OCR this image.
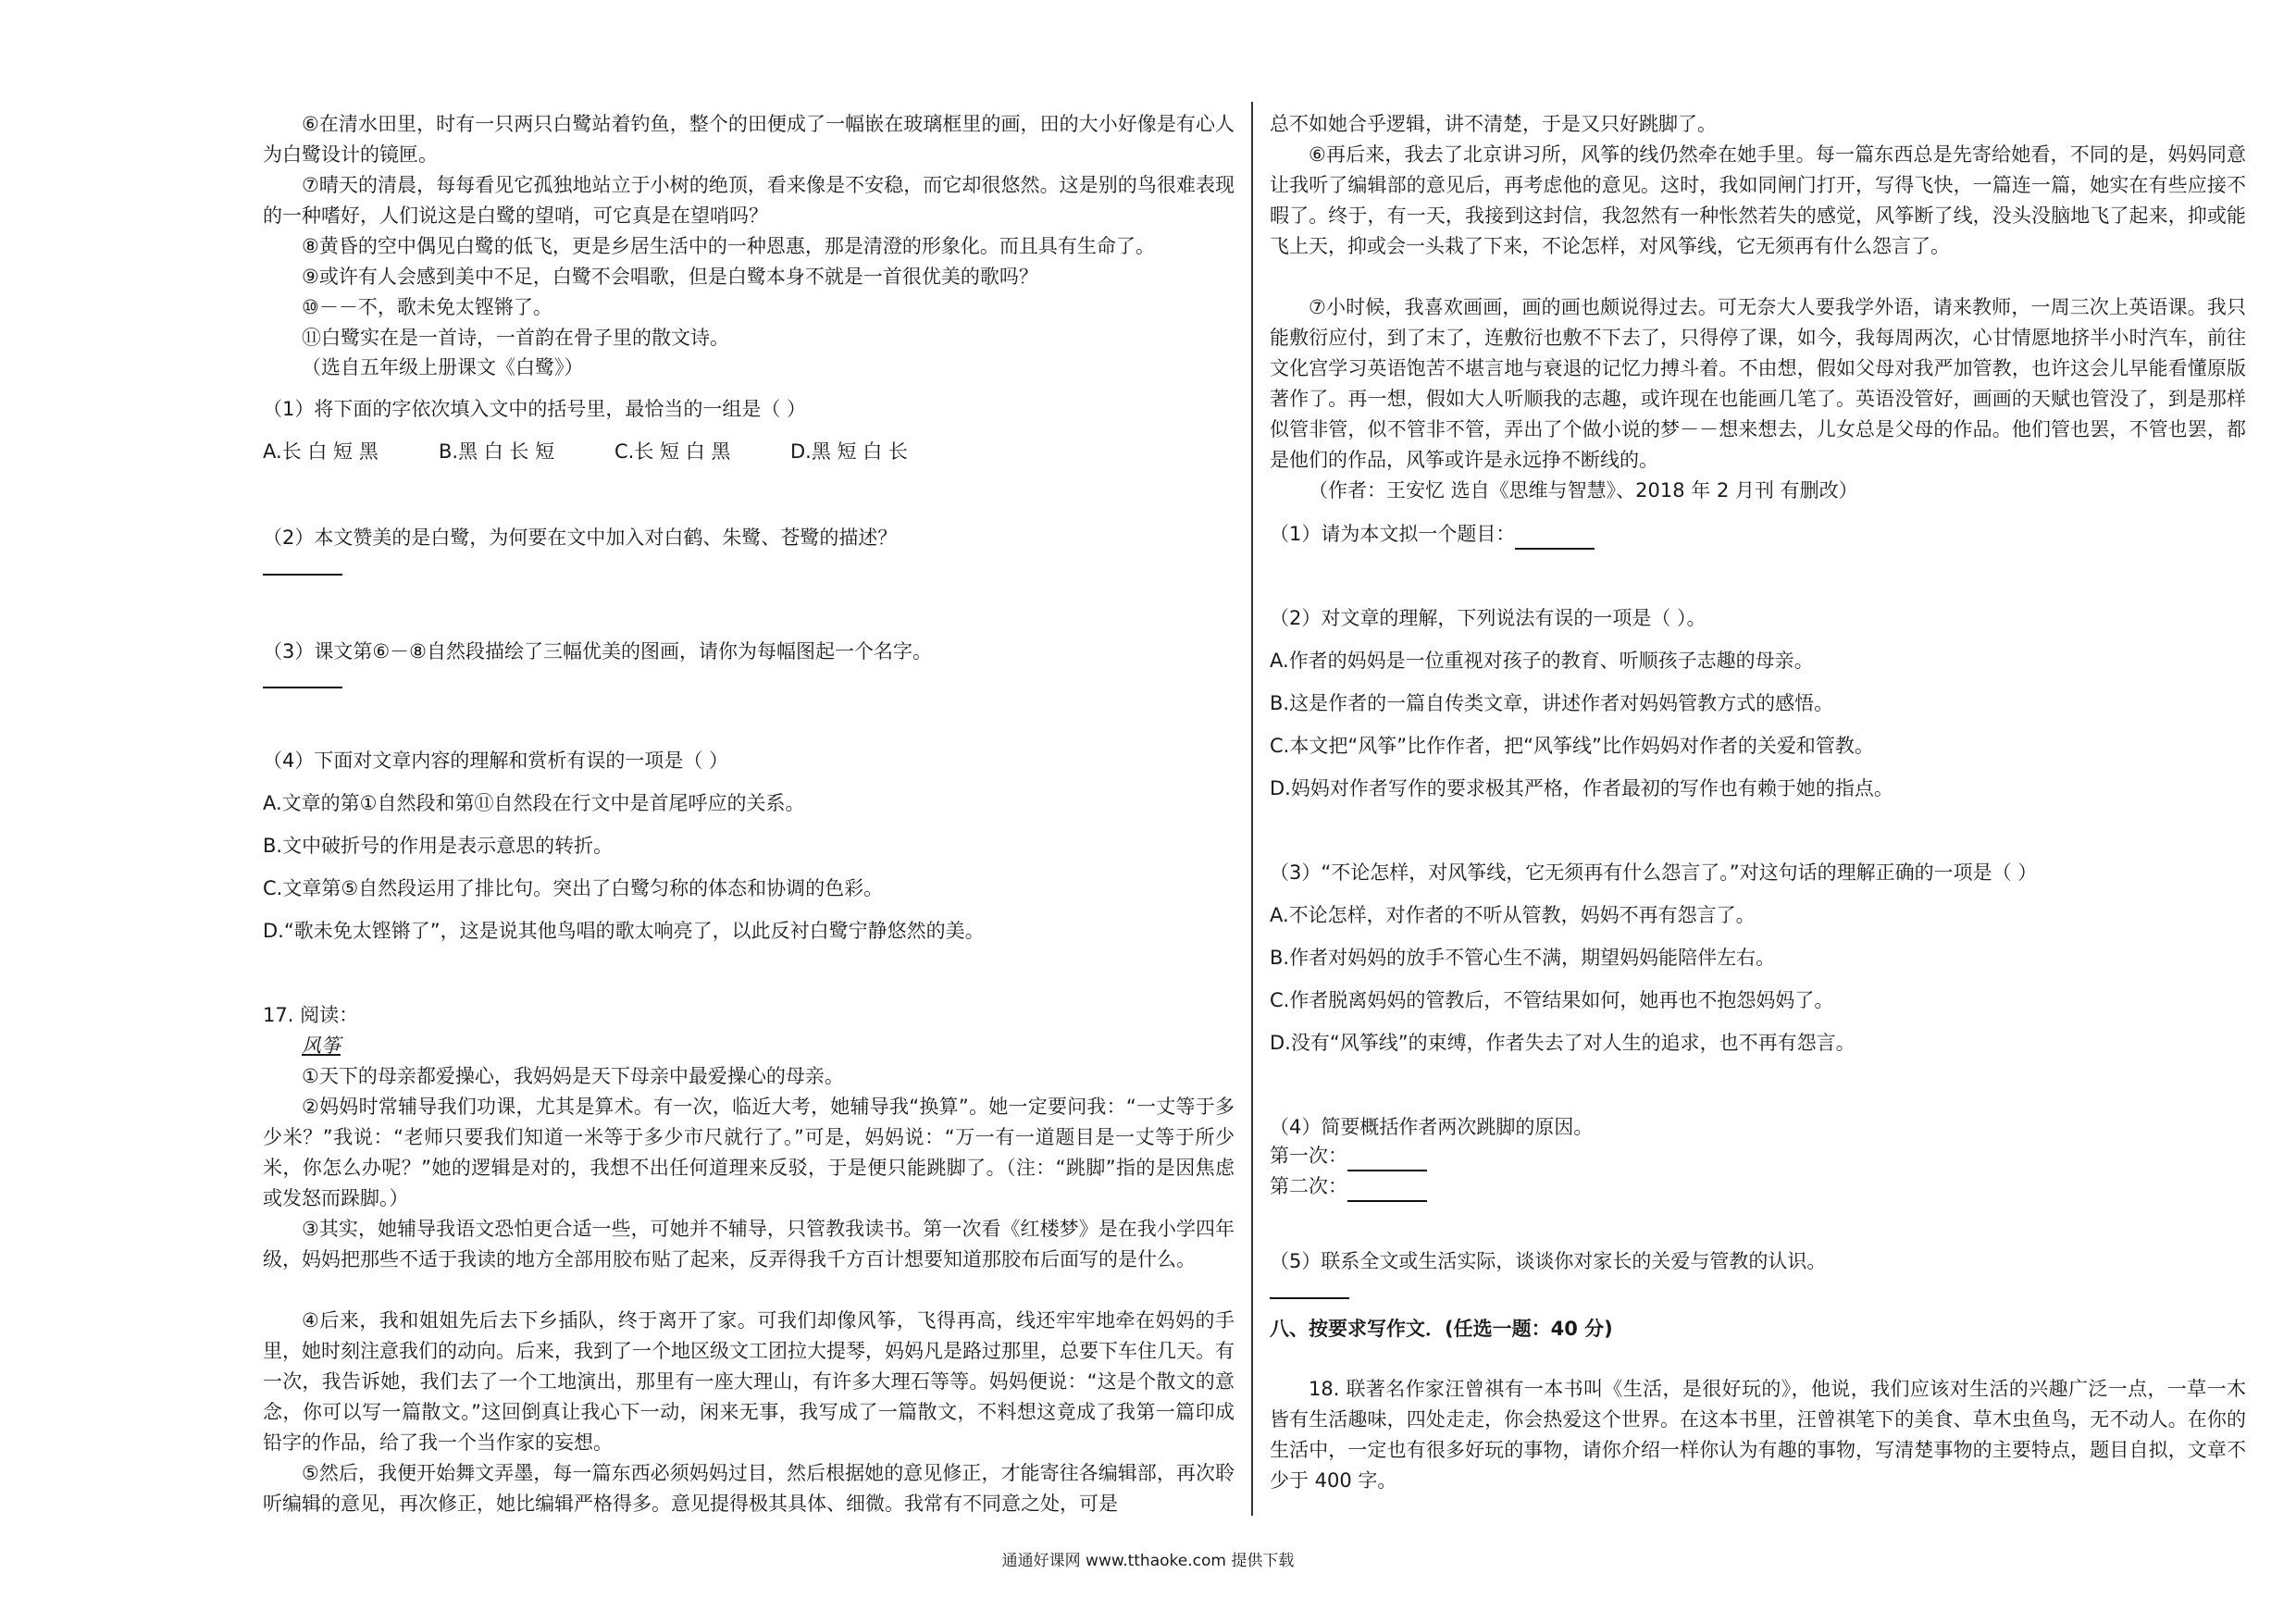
⑥在清水田里，时有一只两只白鹭站着钓鱼，整个的田便成了一幅嵌在玻璃框里的画，田的大小好像是有心人为白鹭设计的镜匣。

⑦晴天的清晨，每每看见它孤独地站立于小树的绝顶，看来像是不安稳，而它却很悠然。这是别的鸟很难表现的一种嗜好，人们说这是白鹭的望哨，可它真是在望哨吗？

⑧黄昏的空中偶见白鹭的低飞，更是乡居生活中的一种恩惠，那是清澄的形象化。而且具有生命了。

⑨或许有人会感到美中不足，白鹭不会唱歌，但是白鹭本身不就是一首很优美的歌吗？

⑩－－不，歌未免太铿锵了。

⑪白鹭实在是一首诗，一首韵在骨子里的散文诗。

（选自五年级上册课文《白鹭》）
（1）将下面的字依次填入文中的括号里，最恰当的一组是（ ）
A.长 白 短 黑	B.黑 白 长 短	C.长 短 白 黑	D.黑 短 白 长
（2）本文赞美的是白鹭，为何要在文中加入对白鹤、朱鹭、苍鹭的描述？
（3）课文第⑥－⑧自然段描绘了三幅优美的图画，请你为每幅图起一个名字。
（4）下面对文章内容的理解和赏析有误的一项是（ ）
A.文章的第①自然段和第⑪自然段在行文中是首尾呼应的关系。
B.文中破折号的作用是表示意思的转折。
C.文章第⑤自然段运用了排比句。突出了白鹭匀称的体态和协调的色彩。
D.“歌未免太铿锵了”，这是说其他鸟唱的歌太响亮了，以此反衬白鹭宁静悠然的美。
17. 阅读：
风筝

①天下的母亲都爱操心，我妈妈是天下母亲中最爱操心的母亲。

②妈妈时常辅导我们功课，尤其是算术。有一次，临近大考，她辅导我“换算”。她一定要问我：“一丈等于多少米？”我说：“老师只要我们知道一米等于多少市尺就行了。”可是，妈妈说：“万一有一道题目是一丈等于所少米，你怎么办呢？”她的逻辑是对的，我想不出任何道理来反驳，于是便只能跳脚了。（注：“跳脚”指的是因焦虑或发怒而跺脚。）

③其实，她辅导我语文恐怕更合适一些，可她并不辅导，只管教我读书。第一次看《红楼梦》是在我小学四年级，妈妈把那些不适于我读的地方全部用胶布贴了起来，反弄得我千方百计想要知道那胶布后面写的是什么。

④后来，我和姐姐先后去下乡插队，终于离开了家。可我们却像风筝，飞得再高，线还牢牢地牵在妈妈的手里，她时刻注意我们的动向。后来，我到了一个地区级文工团拉大提琴，妈妈凡是路过那里，总要下车住几天。有一次，我告诉她，我们去了一个工地演出，那里有一座大理山，有许多大理石等等。妈妈便说：“这是个散文的意念，你可以写一篇散文。”这回倒真让我心下一动，闲来无事，我写成了一篇散文，不料想这竟成了我第一篇印成铅字的作品，给了我一个当作家的妄想。

⑤然后，我便开始舞文弄墨，每一篇东西必须妈妈过目，然后根据她的意见修正，才能寄往各编辑部，再次聆听编辑的意见，再次修正，她比编辑严格得多。意见提得极其具体、细微。我常有不同意之处，可是

总不如她合乎逻辑，讲不清楚，于是又只好跳脚了。

⑥再后来，我去了北京讲习所，风筝的线仍然牵在她手里。每一篇东西总是先寄给她看，不同的是，妈妈同意让我听了编辑部的意见后，再考虑他的意见。这时，我如同闸门打开，写得飞快，一篇连一篇，她实在有些应接不暇了。终于，有一天，我接到这封信，我忽然有一种怅然若失的感觉，风筝断了线，没头没脑地飞了起来，抑或能飞上天，抑或会一头栽了下来，不论怎样，对风筝线，它无须再有什么怨言了。

⑦小时候，我喜欢画画，画的画也颇说得过去。可无奈大人要我学外语，请来教师，一周三次上英语课。我只能敷衍应付，到了末了，连敷衍也敷不下去了，只得停了课，如今，我每周两次，心甘情愿地挤半小时汽车，前往文化宫学习英语饱苦不堪言地与衰退的记忆力搏斗着。不由想，假如父母对我严加管教，也许这会儿早能看懂原版著作了。再一想，假如大人听顺我的志趣，或许现在也能画几笔了。英语没管好，画画的天赋也管没了，到是那样似管非管，似不管非不管，弄出了个做小说的梦－－想来想去，儿女总是父母的作品。他们管也罢，不管也罢，都是他们的作品，风筝或许是永远挣不断线的。

（作者：王安忆 选自《思维与智慧》、2018 年 2 月刊 有删改）
（1）请为本文拟一个题目：
（2）对文章的理解，下列说法有误的一项是（ ）。
A.作者的妈妈是一位重视对孩子的教育、听顺孩子志趣的母亲。
B.这是作者的一篇自传类文章，讲述作者对妈妈管教方式的感悟。
C.本文把“风筝”比作作者，把“风筝线”比作妈妈对作者的关爱和管教。
D.妈妈对作者写作的要求极其严格，作者最初的写作也有赖于她的指点。
（3）“不论怎样，对风筝线，它无须再有什么怨言了。”对这句话的理解正确的一项是（ ）
A.不论怎样，对作者的不听从管教，妈妈不再有怨言了。
B.作者对妈妈的放手不管心生不满，期望妈妈能陪伴左右。
C.作者脱离妈妈的管教后，不管结果如何，她再也不抱怨妈妈了。
D.没有“风筝线”的束缚，作者失去了对人生的追求，也不再有怨言。
（4）简要概括作者两次跳脚的原因。
第一次：
第二次：
（5）联系全文或生活实际，谈谈你对家长的关爱与管教的认识。
八、按要求写作文．(任选一题：40 分)

18. 联著名作家汪曾祺有一本书叫《生活，是很好玩的》，他说，我们应该对生活的兴趣广泛一点，一草一木皆有生活趣味，四处走走，你会热爱这个世界。在这本书里，汪曾祺笔下的美食、草木虫鱼鸟，无不动人。在你的生活中，一定也有很多好玩的事物，请你介绍一样你认为有趣的事物，写清楚事物的主要特点，题目自拟，文章不少于 400 字。

通通好课网 www.tthaoke.com 提供下载
